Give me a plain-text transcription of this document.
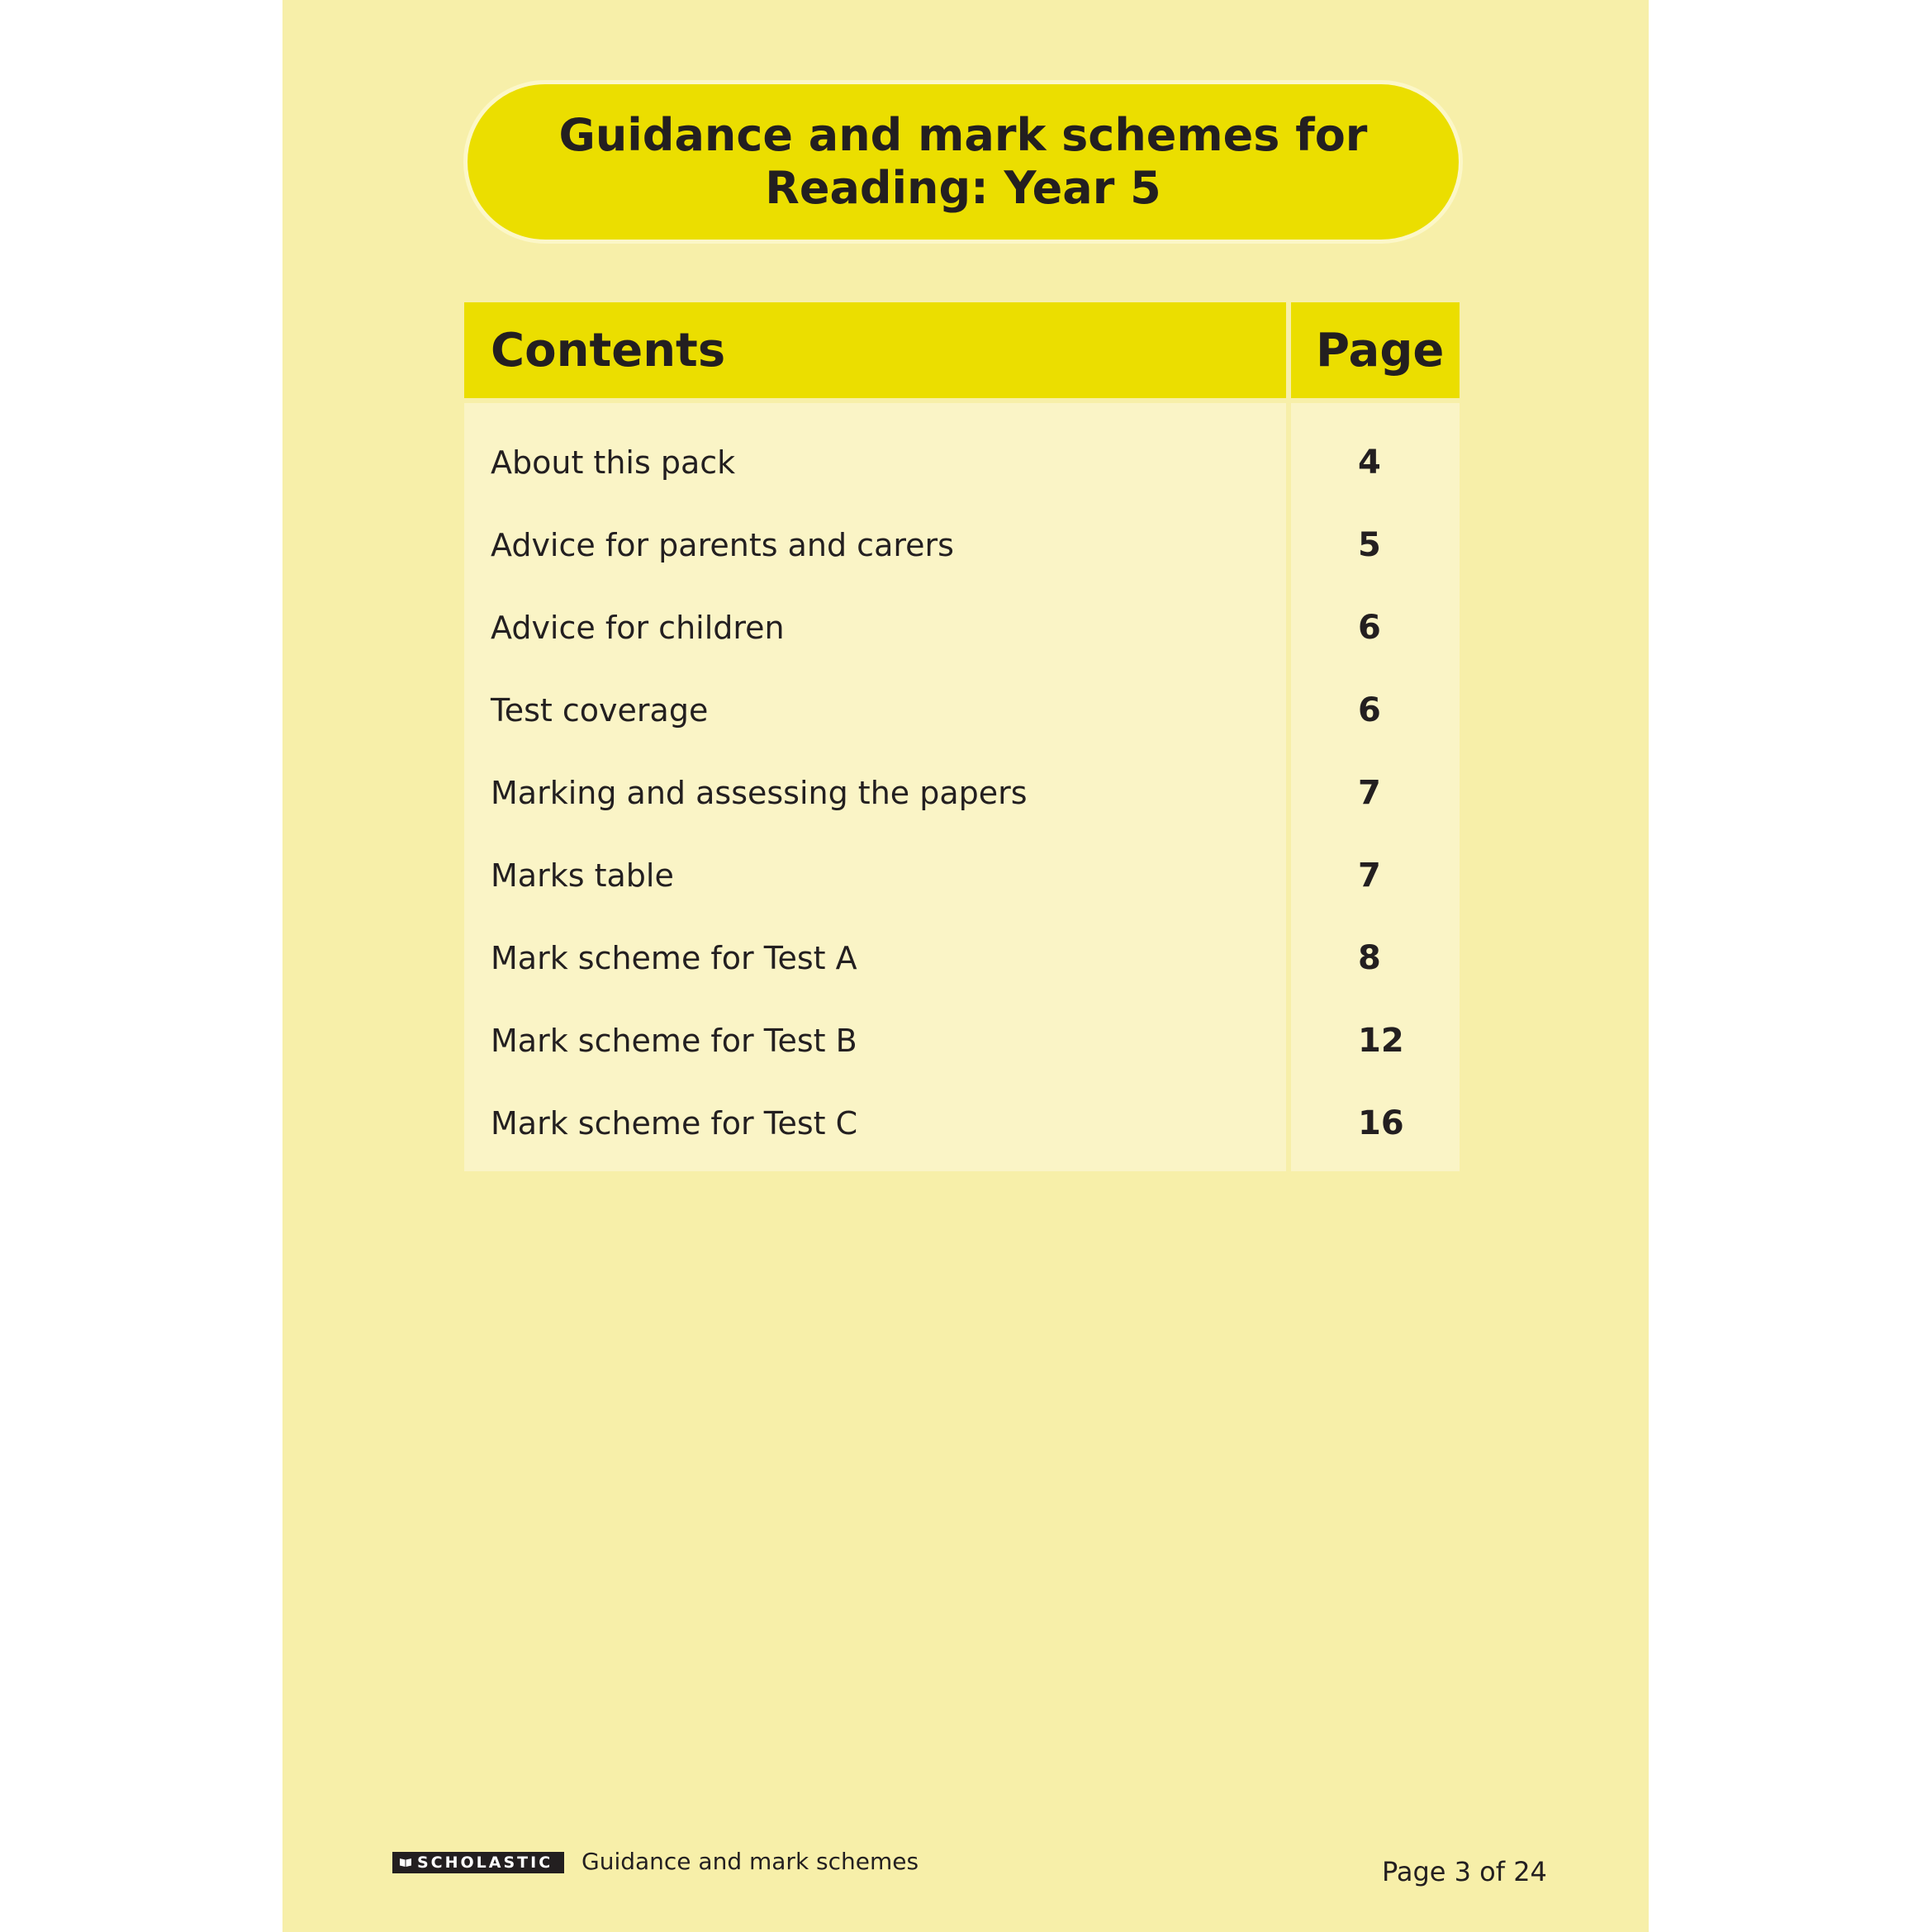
Guidance and mark schemes for
Reading: Year 5
Contents	Page
About this pack	4
Advice for parents and carers	5
Advice for children	6
Test coverage	6
Marking and assessing the papers	7
Marks table	7
Mark scheme for Test A	8
Mark scheme for Test B	12
Mark scheme for Test C	16
SCHOLASTIC	Guidance and mark schemes	Page 3 of 24
